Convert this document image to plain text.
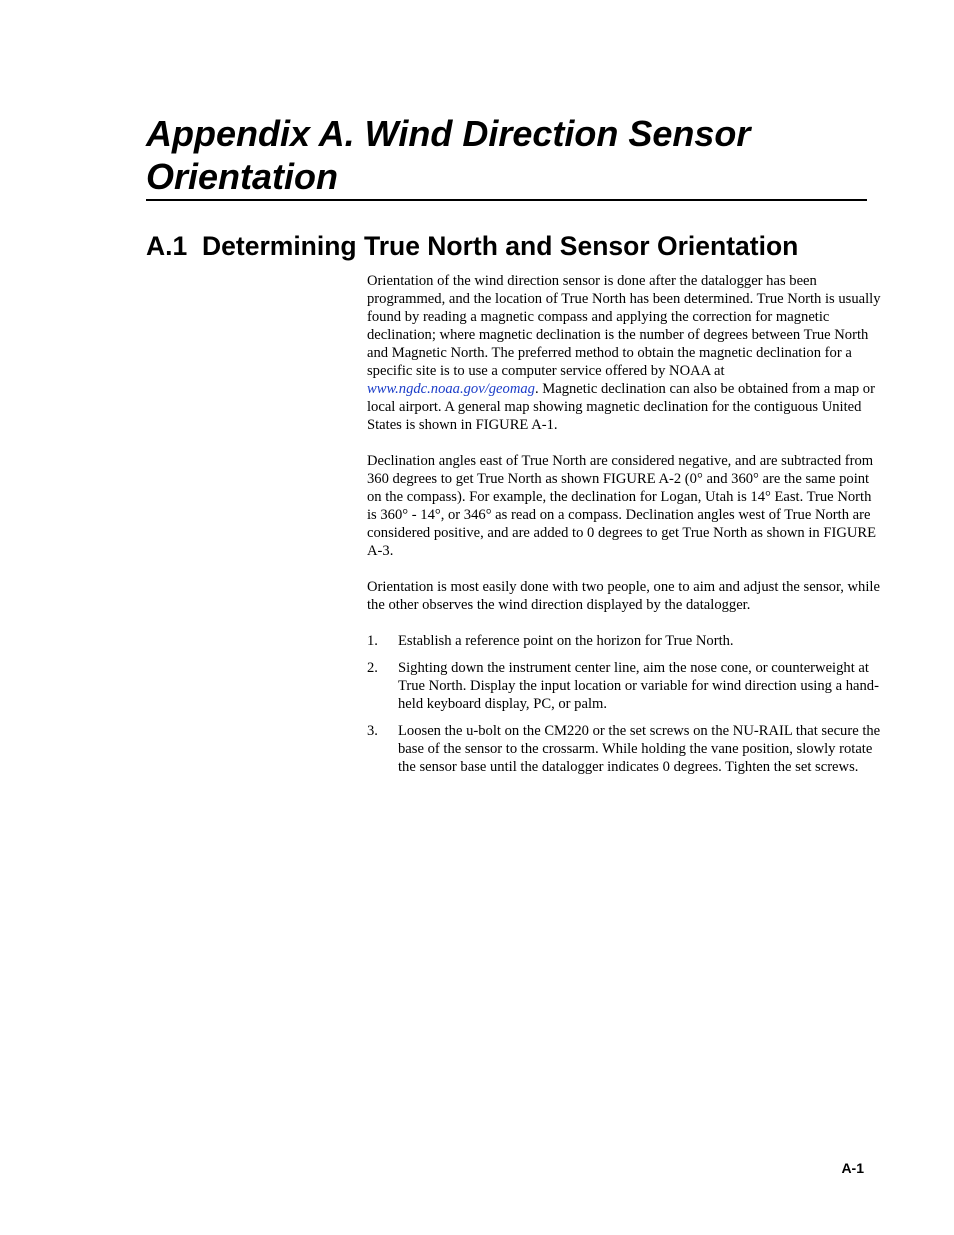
Appendix A. Wind Direction Sensor
Orientation
A.1 Determining True North and Sensor Orientation

Orientation of the wind direction sensor is done after the datalogger has been programmed, and the location of True North has been determined. True North is usually found by reading a magnetic compass and applying the correction for magnetic declination; where magnetic declination is the number of degrees between True North and Magnetic North. The preferred method to obtain the magnetic declination for a specific site is to use a computer service offered by NOAA at www.ngdc.noaa.gov/geomag. Magnetic declination can also be obtained from a map or local airport. A general map showing magnetic declination for the contiguous United States is shown in FIGURE A-1.

Declination angles east of True North are considered negative, and are subtracted from 360 degrees to get True North as shown FIGURE A-2 (0° and 360° are the same point on the compass). For example, the declination for Logan, Utah is 14° East. True North is 360° - 14°, or 346° as read on a compass. Declination angles west of True North are considered positive, and are added to 0 degrees to get True North as shown in FIGURE A-3.

Orientation is most easily done with two people, one to aim and adjust the sensor, while the other observes the wind direction displayed by the datalogger.

1. Establish a reference point on the horizon for True North.
2. Sighting down the instrument center line, aim the nose cone, or counterweight at True North. Display the input location or variable for wind direction using a hand-held keyboard display, PC, or palm.
3. Loosen the u-bolt on the CM220 or the set screws on the NU-RAIL that secure the base of the sensor to the crossarm. While holding the vane position, slowly rotate the sensor base until the datalogger indicates 0 degrees. Tighten the set screws.
A-1
